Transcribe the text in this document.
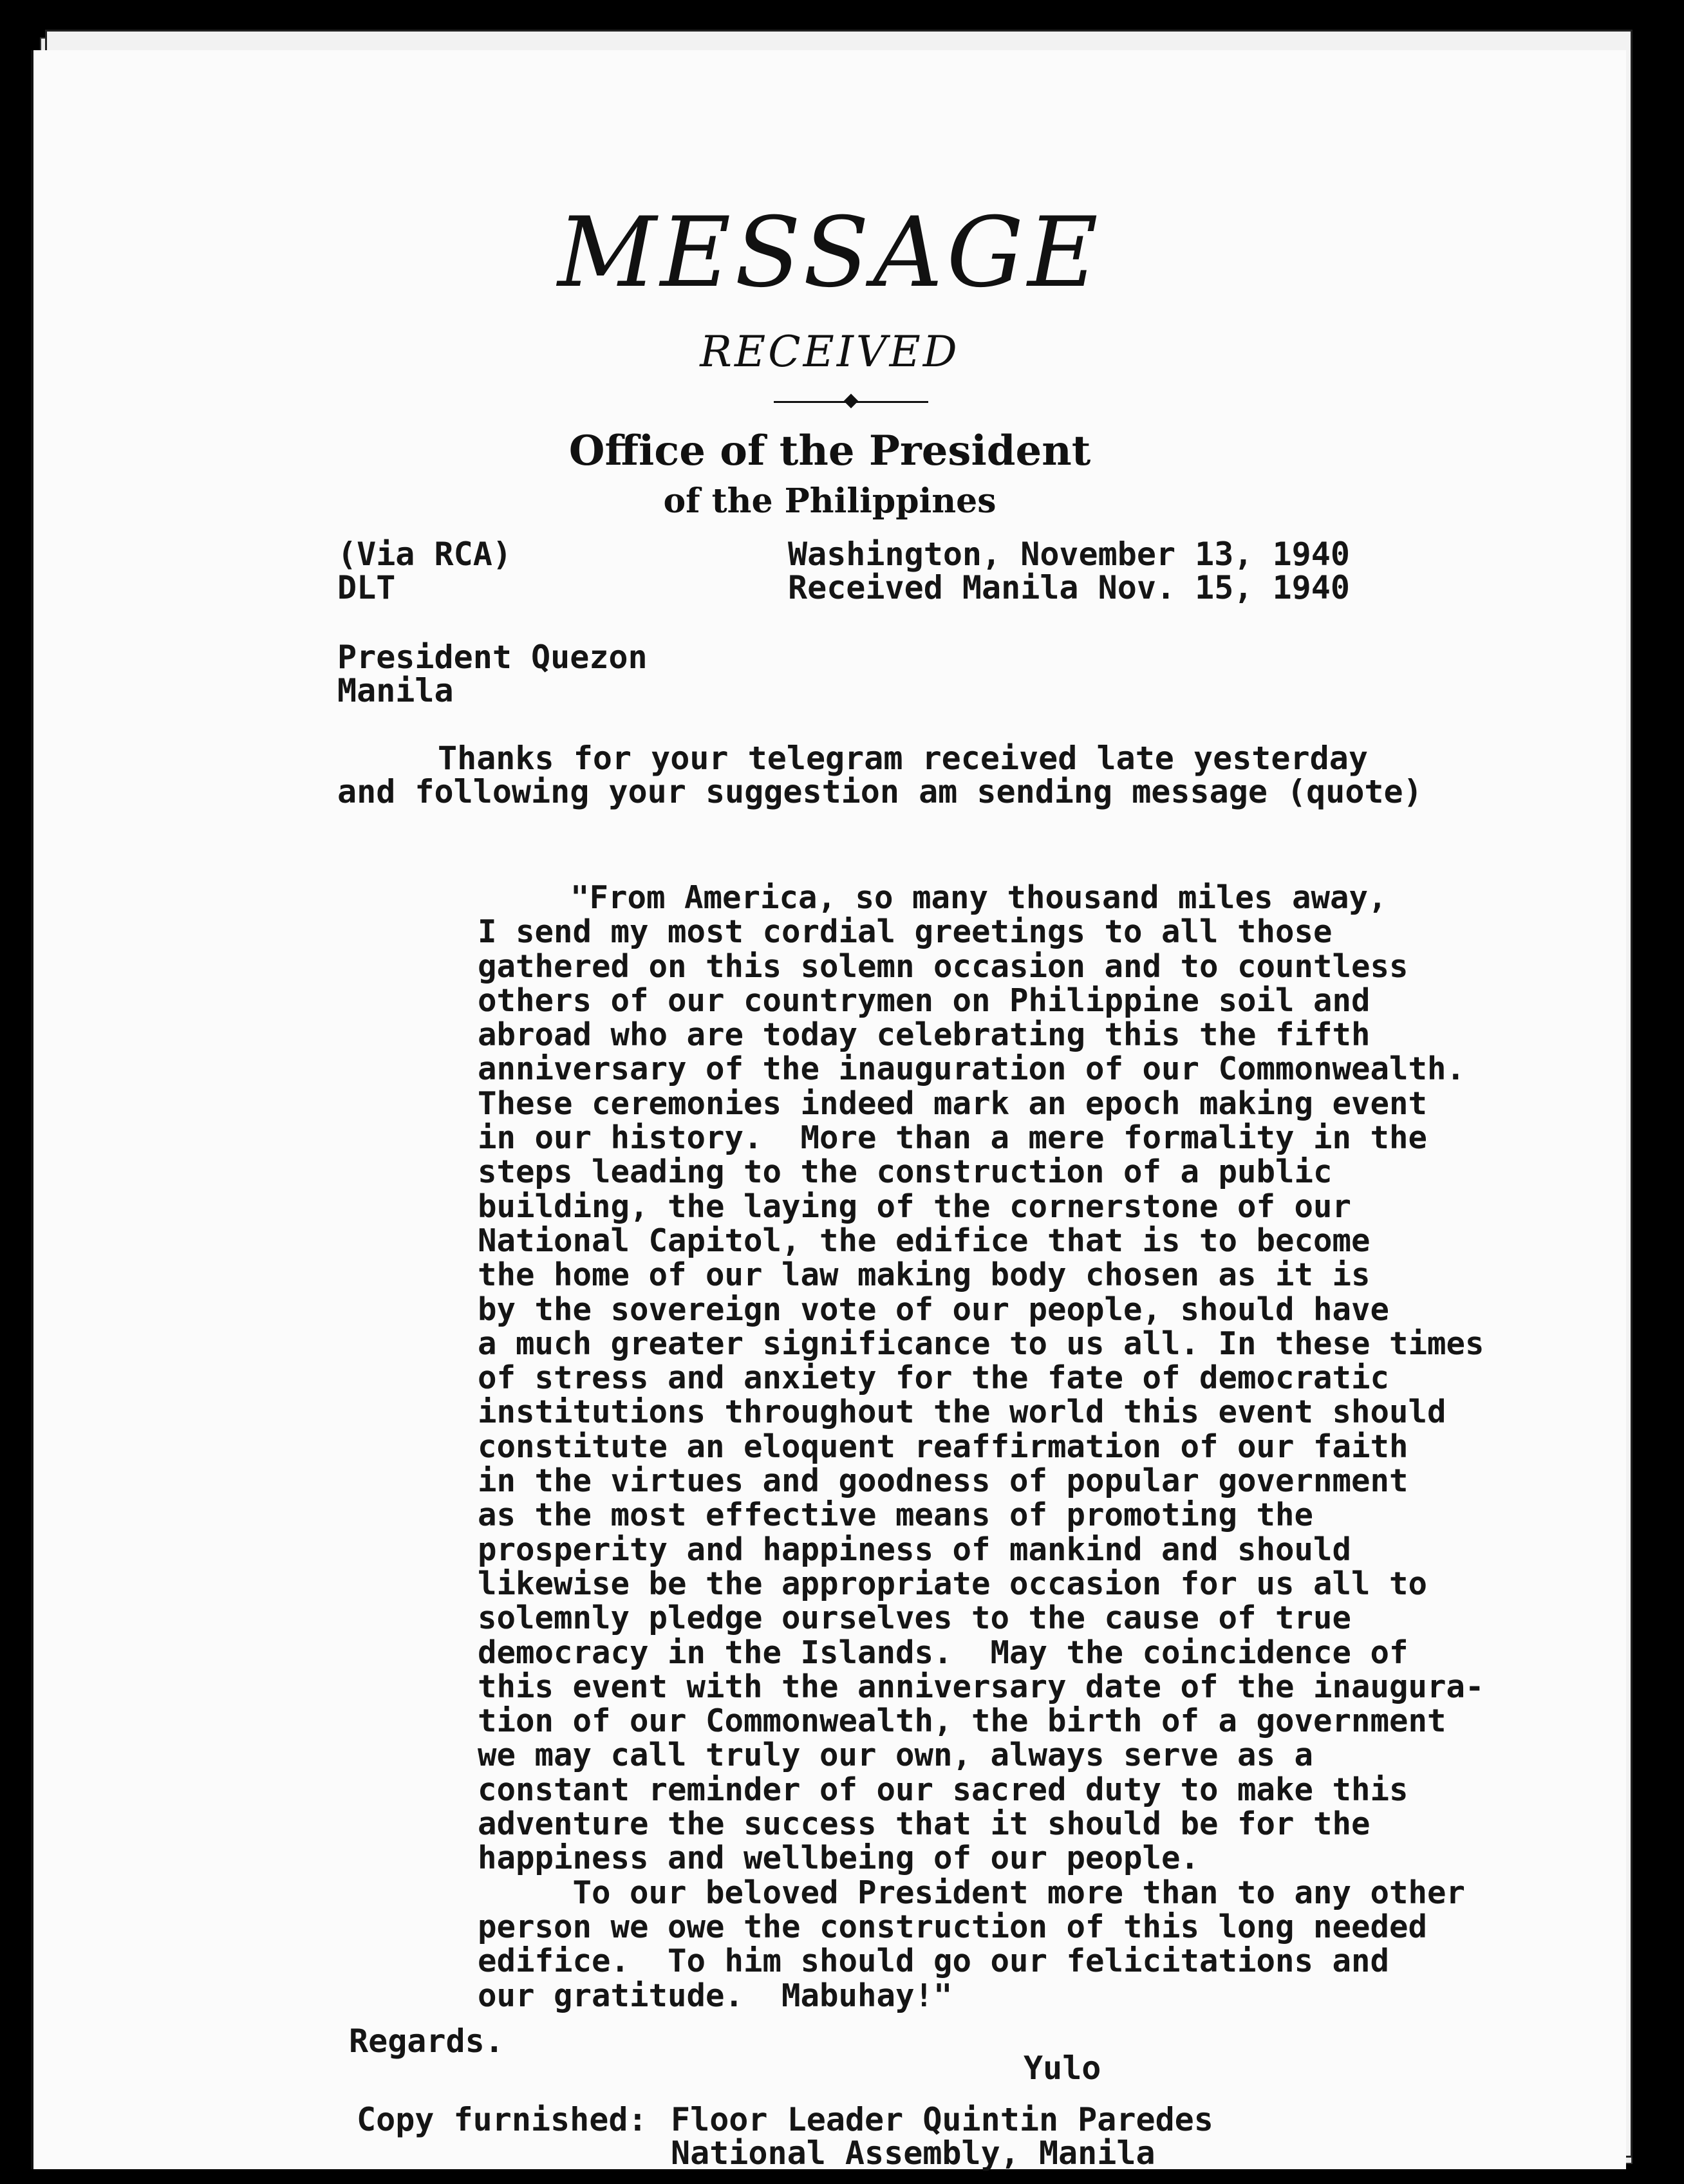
MESSAGE
RECEIVED
Office of the President
of the Philippines
(Via RCA)
DLT
Washington, November 13, 1940
Received Manila Nov. 15, 1940
President Quezon
Manila
Thanks for your telegram received late yesterday
and following your suggestion am sending message (quote)
"From America, so many thousand miles away,
I send my most cordial greetings to all those
gathered on this solemn occasion and to countless
others of our countrymen on Philippine soil and
abroad who are today celebrating this the fifth
anniversary of the inauguration of our Commonwealth.
These ceremonies indeed mark an epoch making event
in our history.  More than a mere formality in the
steps leading to the construction of a public
building, the laying of the cornerstone of our
National Capitol, the edifice that is to become
the home of our law making body chosen as it is
by the sovereign vote of our people, should have
a much greater significance to us all. In these times
of stress and anxiety for the fate of democratic
institutions throughout the world this event should
constitute an eloquent reaffirmation of our faith
in the virtues and goodness of popular government
as the most effective means of promoting the
prosperity and happiness of mankind and should
likewise be the appropriate occasion for us all to
solemnly pledge ourselves to the cause of true
democracy in the Islands.  May the coincidence of
this event with the anniversary date of the inaugura-
tion of our Commonwealth, the birth of a government
we may call truly our own, always serve as a
constant reminder of our sacred duty to make this
adventure the success that it should be for the
happiness and wellbeing of our people.
To our beloved President more than to any other
person we owe the construction of this long needed
edifice.  To him should go our felicitations and
our gratitude.  Mabuhay!"
Regards.
Yulo
Copy furnished: Floor Leader Quintin Paredes
National Assembly, Manila
